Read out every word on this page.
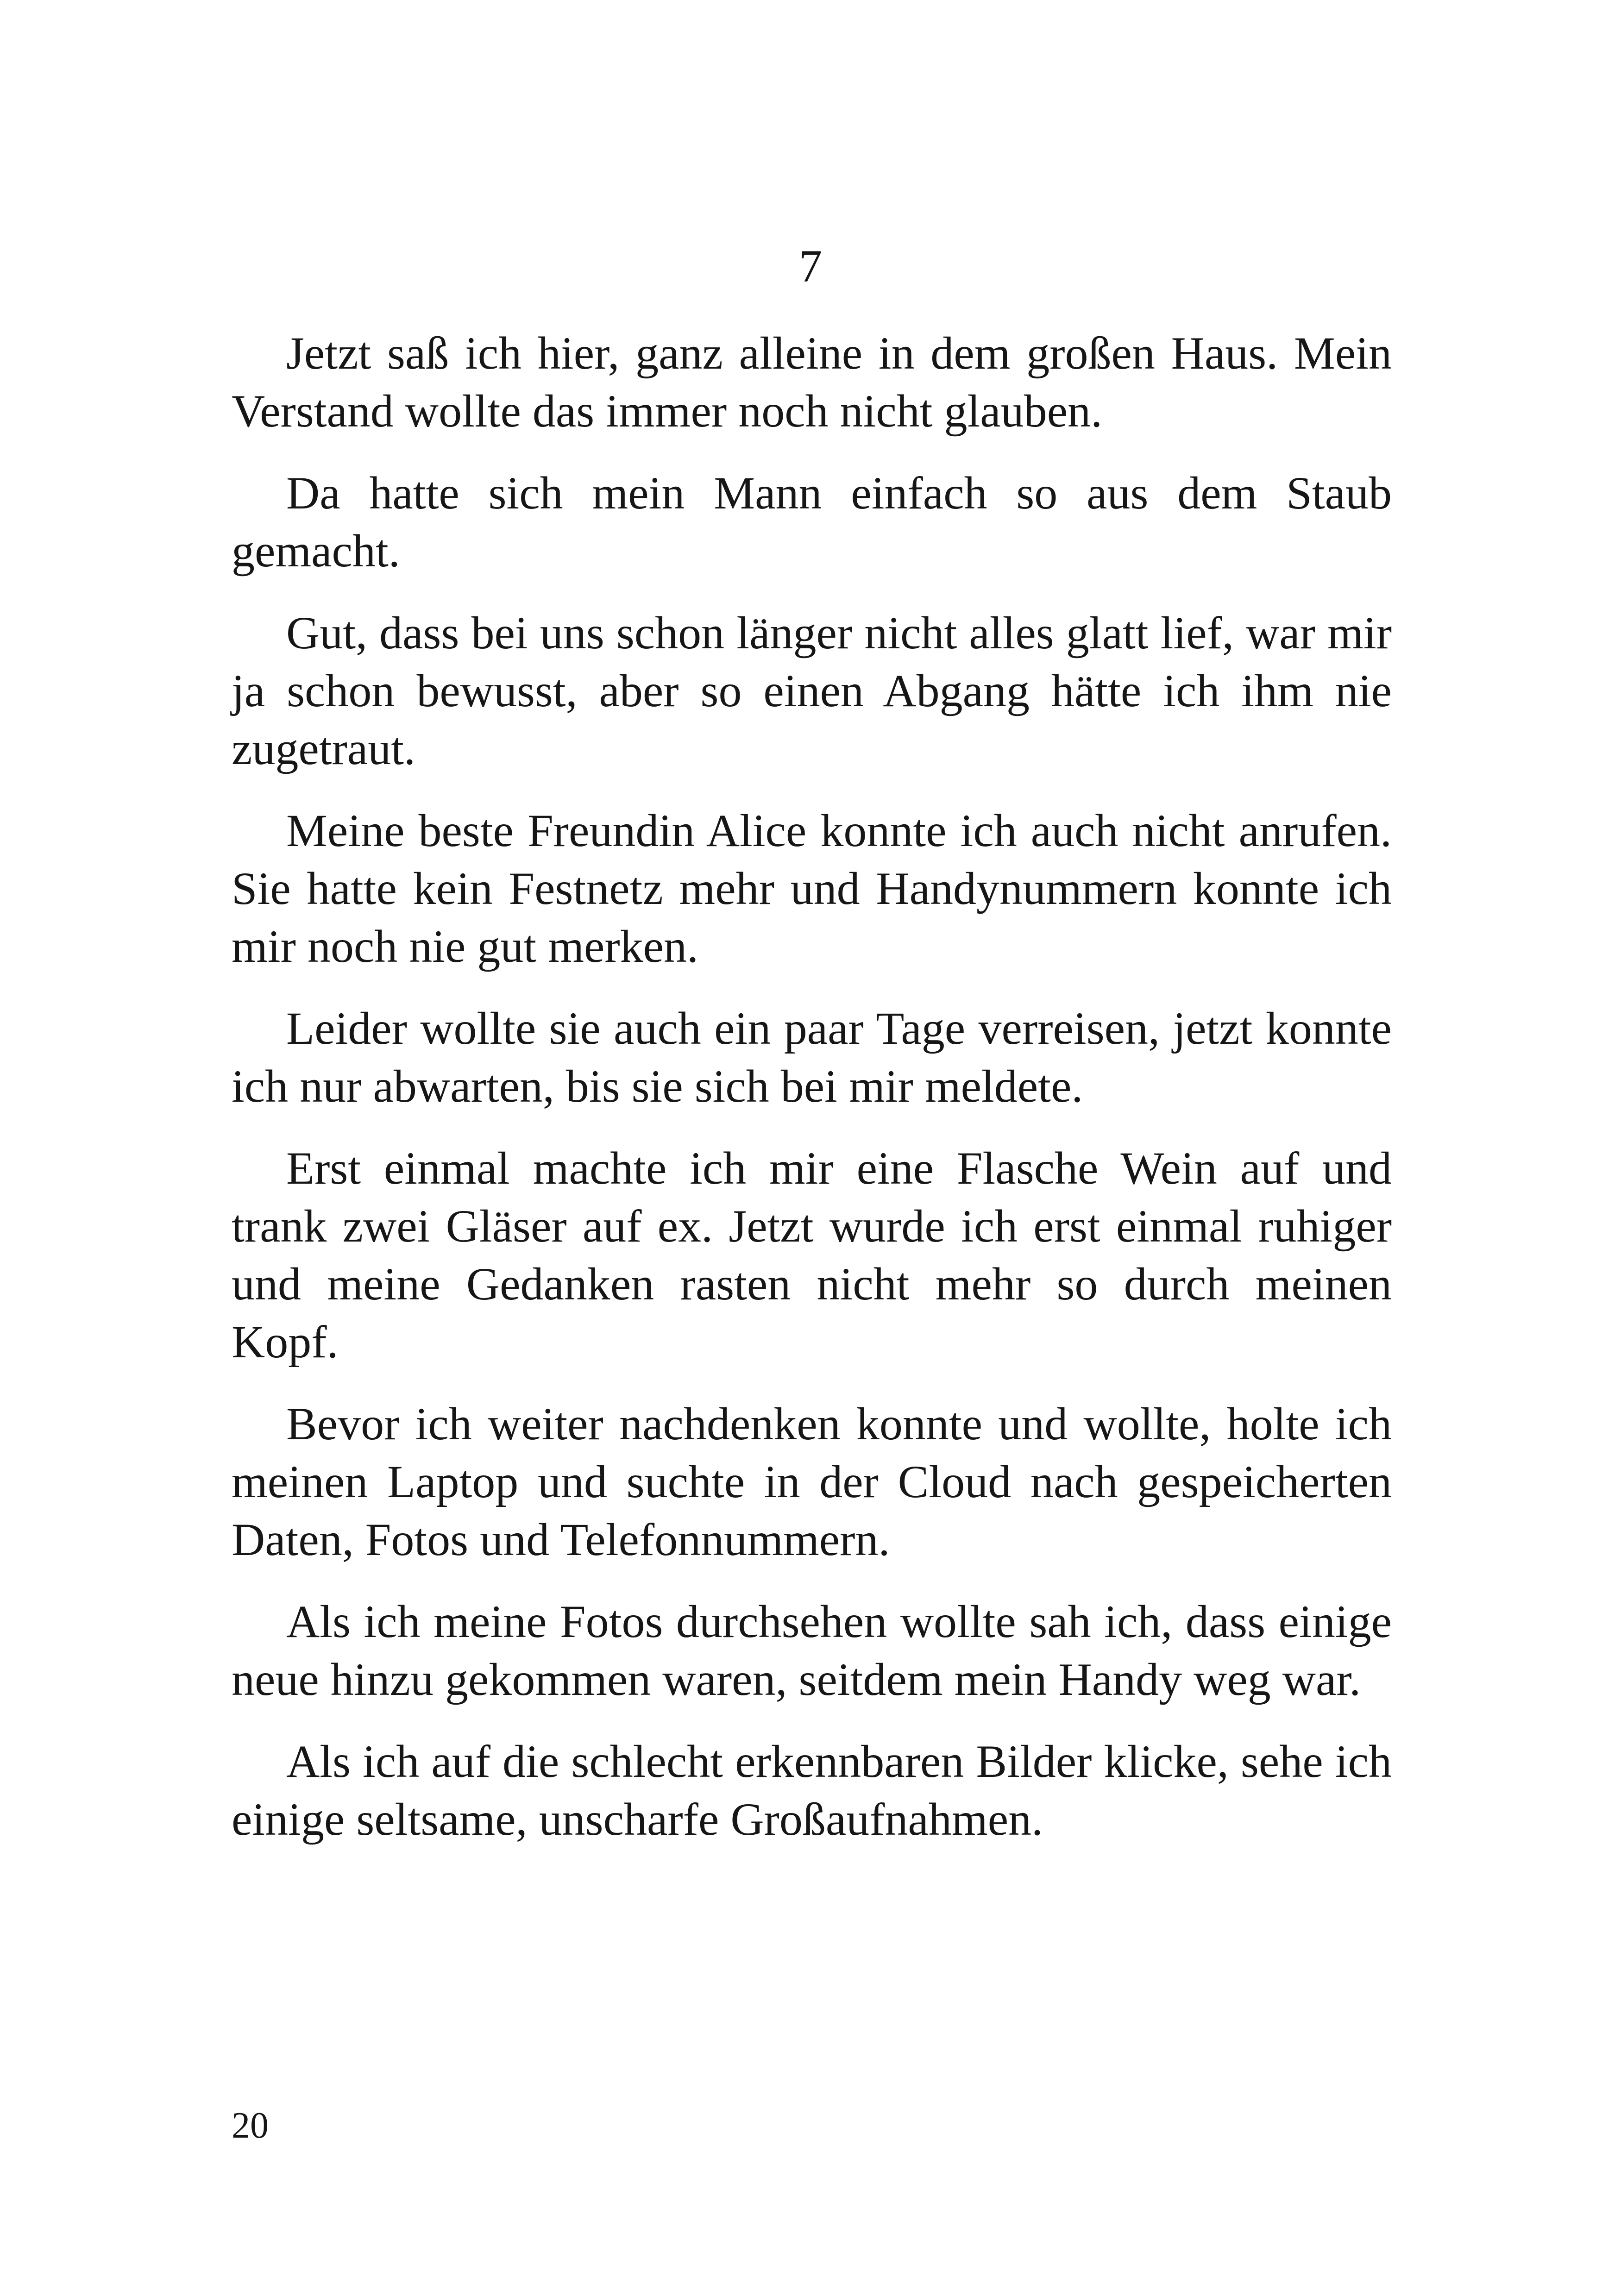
7

Jetzt saß ich hier, ganz alleine in dem großen Haus. Mein Verstand wollte das immer noch nicht glauben.

Da hatte sich mein Mann einfach so aus dem Staub gemacht.

Gut, dass bei uns schon länger nicht alles glatt lief, war mir ja schon bewusst, aber so einen Abgang hätte ich ihm nie zugetraut.

Meine beste Freundin Alice konnte ich auch nicht anrufen. Sie hatte kein Festnetz mehr und Handynummern konnte ich mir noch nie gut merken.

Leider wollte sie auch ein paar Tage verreisen, jetzt konnte ich nur abwarten, bis sie sich bei mir meldete.

Erst einmal machte ich mir eine Flasche Wein auf und trank zwei Gläser auf ex. Jetzt wurde ich erst einmal ruhiger und meine Gedanken rasten nicht mehr so durch meinen Kopf.

Bevor ich weiter nachdenken konnte und wollte, holte ich meinen Laptop und suchte in der Cloud nach gespeicherten Daten, Fotos und Telefonnummern.

Als ich meine Fotos durchsehen wollte sah ich, dass einige neue hinzu gekommen waren, seitdem mein Handy weg war.

Als ich auf die schlecht erkennbaren Bilder klicke, sehe ich einige seltsame, unscharfe Großaufnahmen.

20
